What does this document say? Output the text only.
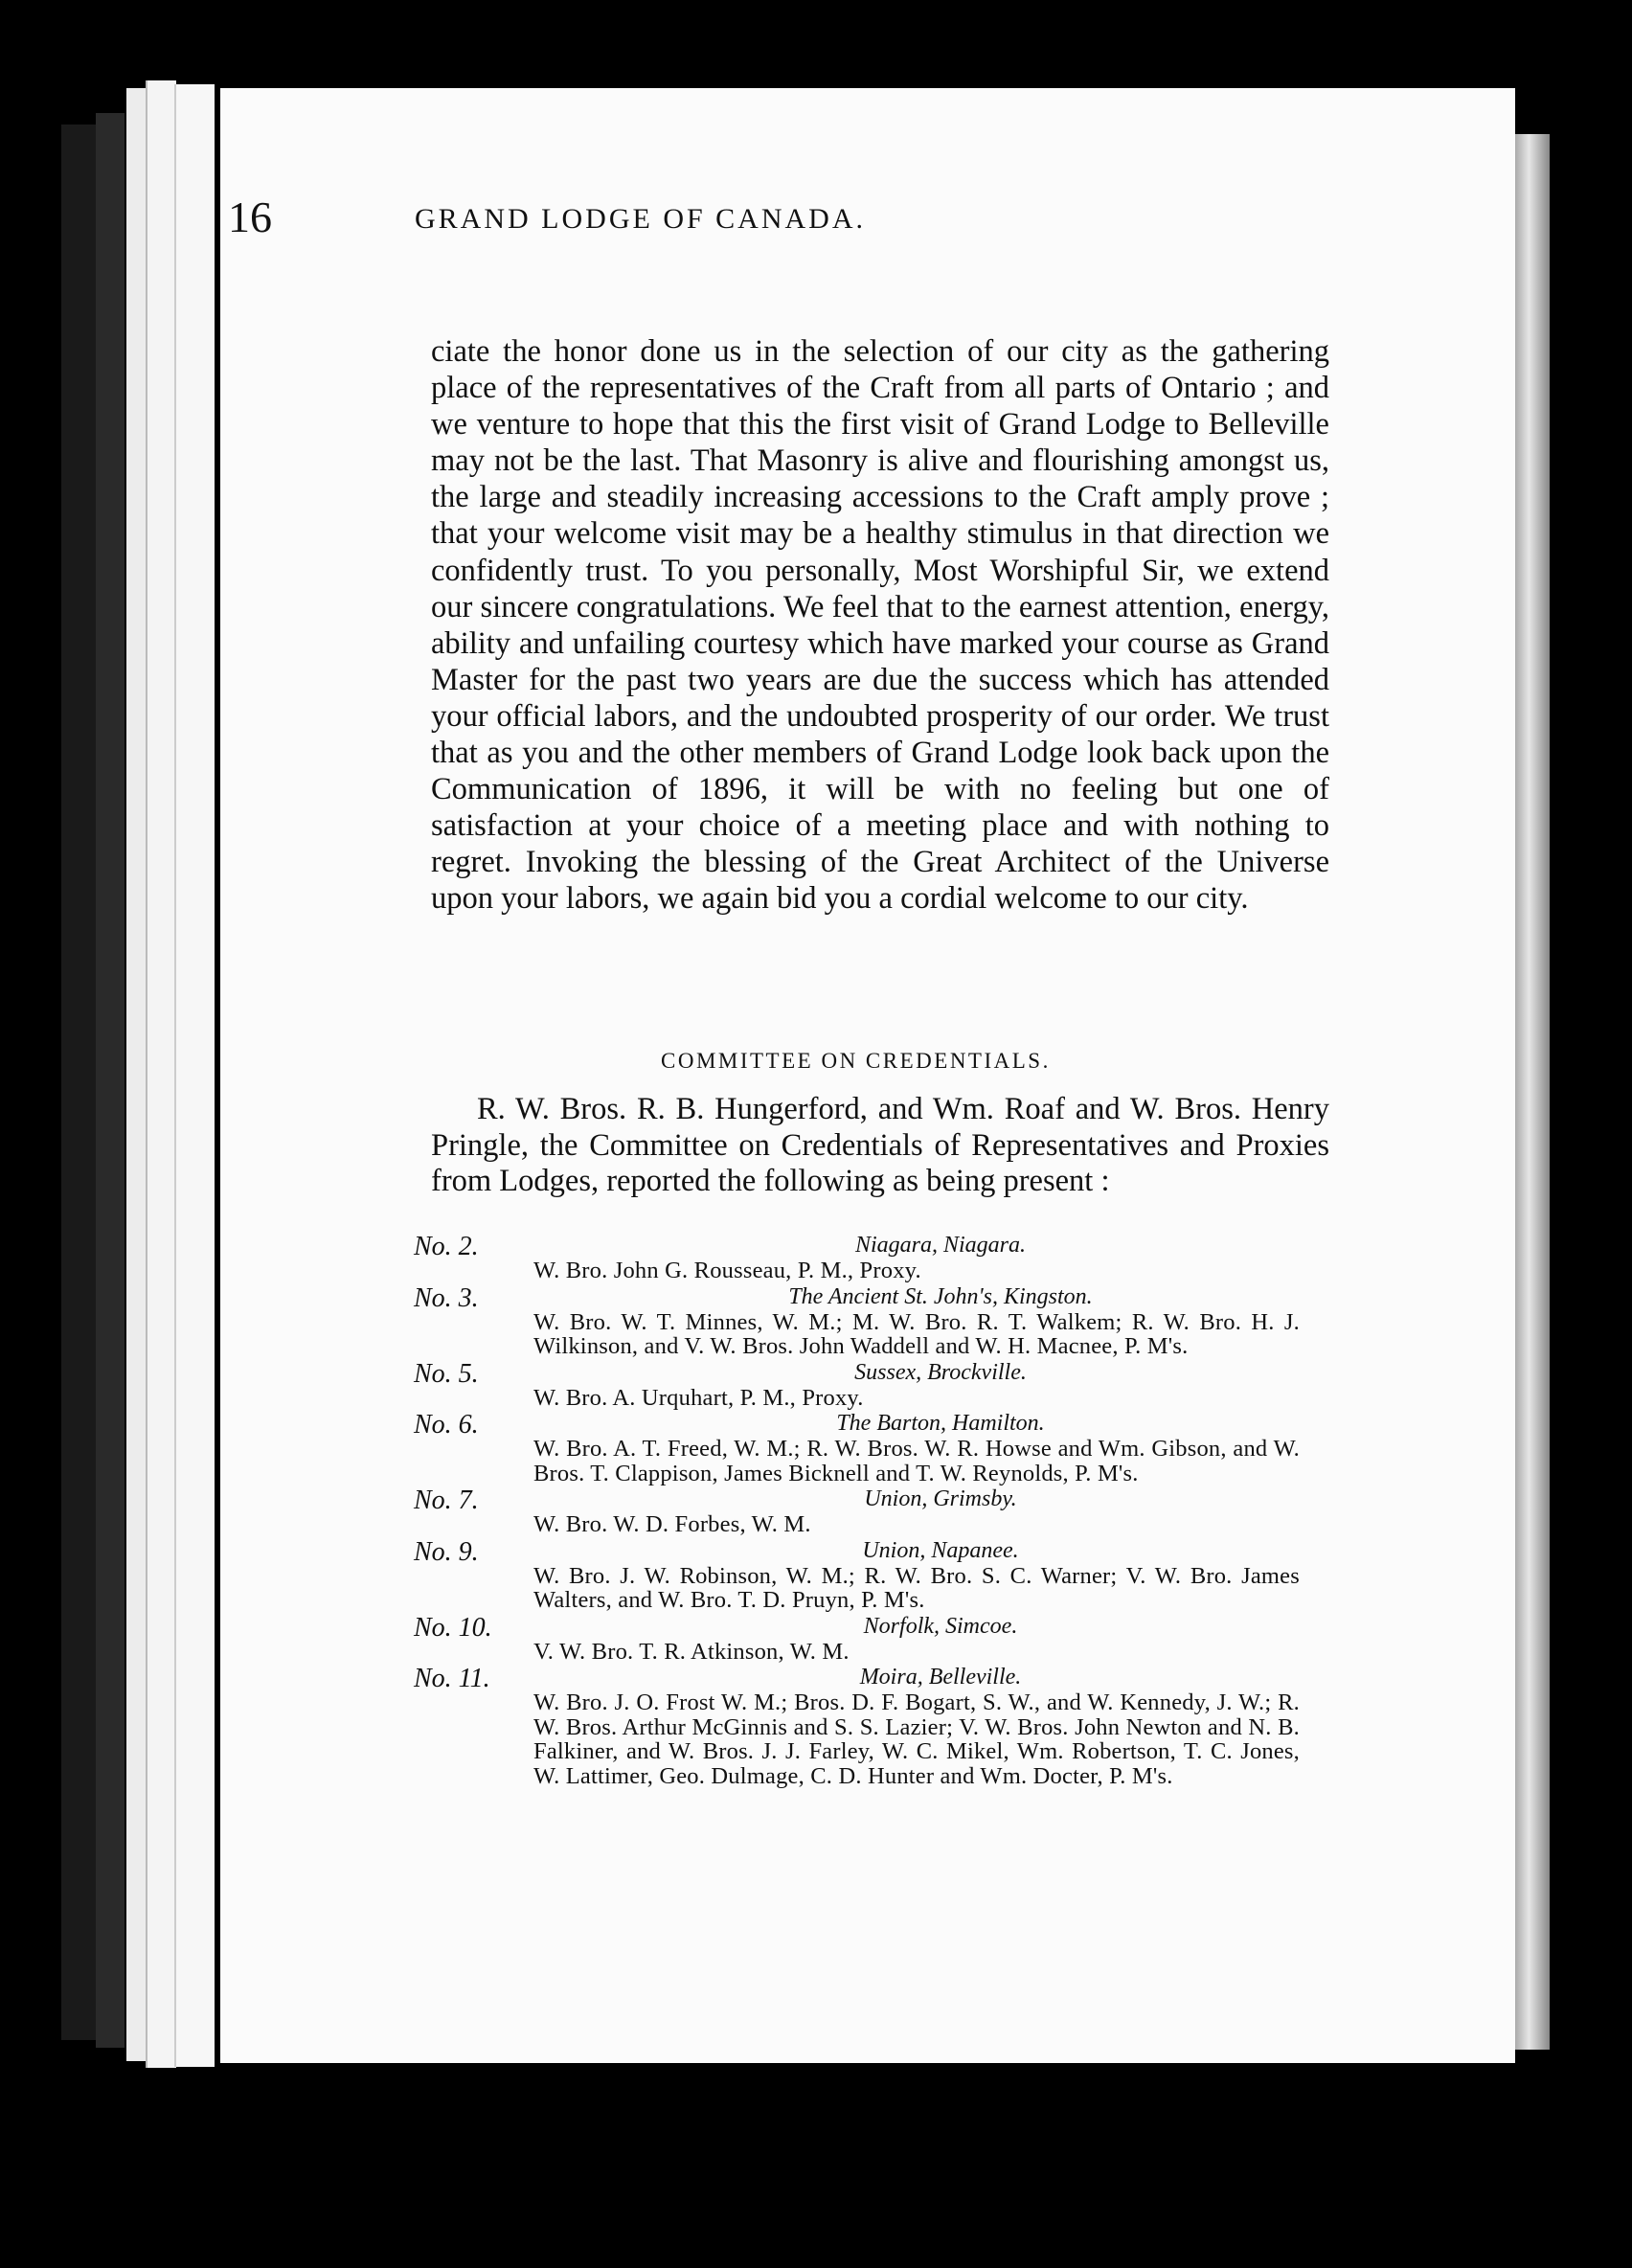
16	GRAND LODGE OF CANADA.

ciate the honor done us in the selection of our city as the gathering place of the representatives of the Craft from all parts of Ontario ; and we venture to hope that this the first visit of Grand Lodge to Belleville may not be the last. That Masonry is alive and flourishing amongst us, the large and steadily increasing accessions to the Craft amply prove ; that your welcome visit may be a healthy stimulus in that direction we confidently trust. To you personally, Most Worshipful Sir, we extend our sincere congratulations. We feel that to the earnest attention, energy, ability and unfailing courtesy which have marked your course as Grand Master for the past two years are due the success which has attended your official labors, and the undoubted prosperity of our order. We trust that as you and the other members of Grand Lodge look back upon the Communication of 1896, it will be with no feeling but one of satisfaction at your choice of a meeting place and with nothing to regret. Invoking the blessing of the Great Architect of the Universe upon your labors, we again bid you a cordial welcome to our city.

COMMITTEE ON CREDENTIALS.
R. W. Bros. R. B. Hungerford, and Wm. Roaf and W. Bros. Henry Pringle, the Committee on Credentials of Representatives and Proxies from Lodges, reported the following as being present :
No. 2.	Niagara, Niagara.
W. Bro. John G. Rousseau, P. M., Proxy.
No. 3.	The Ancient St. John's, Kingston.
W. Bro. W. T. Minnes, W. M.; M. W. Bro. R. T. Walkem; R. W. Bro. H. J. Wilkinson, and V. W. Bros. John Waddell and W. H. Macnee, P. M's.
No. 5.	Sussex, Brockville.
W. Bro. A. Urquhart, P. M., Proxy.
No. 6.	The Barton, Hamilton.
W. Bro. A. T. Freed, W. M.; R. W. Bros. W. R. Howse and Wm. Gibson, and W. Bros. T. Clappison, James Bicknell and T. W. Reynolds, P. M's.
No. 7.	Union, Grimsby.
W. Bro. W. D. Forbes, W. M.
No. 9.	Union, Napanee.
W. Bro. J. W. Robinson, W. M.; R. W. Bro. S. C. Warner; V. W. Bro. James Walters, and W. Bro. T. D. Pruyn, P. M's.
No. 10.	Norfolk, Simcoe.
V. W. Bro. T. R. Atkinson, W. M.
No. 11.	Moira, Belleville.
W. Bro. J. O. Frost W. M.; Bros. D. F. Bogart, S. W., and W. Kennedy, J. W.; R. W. Bros. Arthur McGinnis and S. S. Lazier; V. W. Bros. John Newton and N. B. Falkiner, and W. Bros. J. J. Farley, W. C. Mikel, Wm. Robertson, T. C. Jones, W. Lattimer, Geo. Dulmage, C. D. Hunter and Wm. Docter, P. M's.
